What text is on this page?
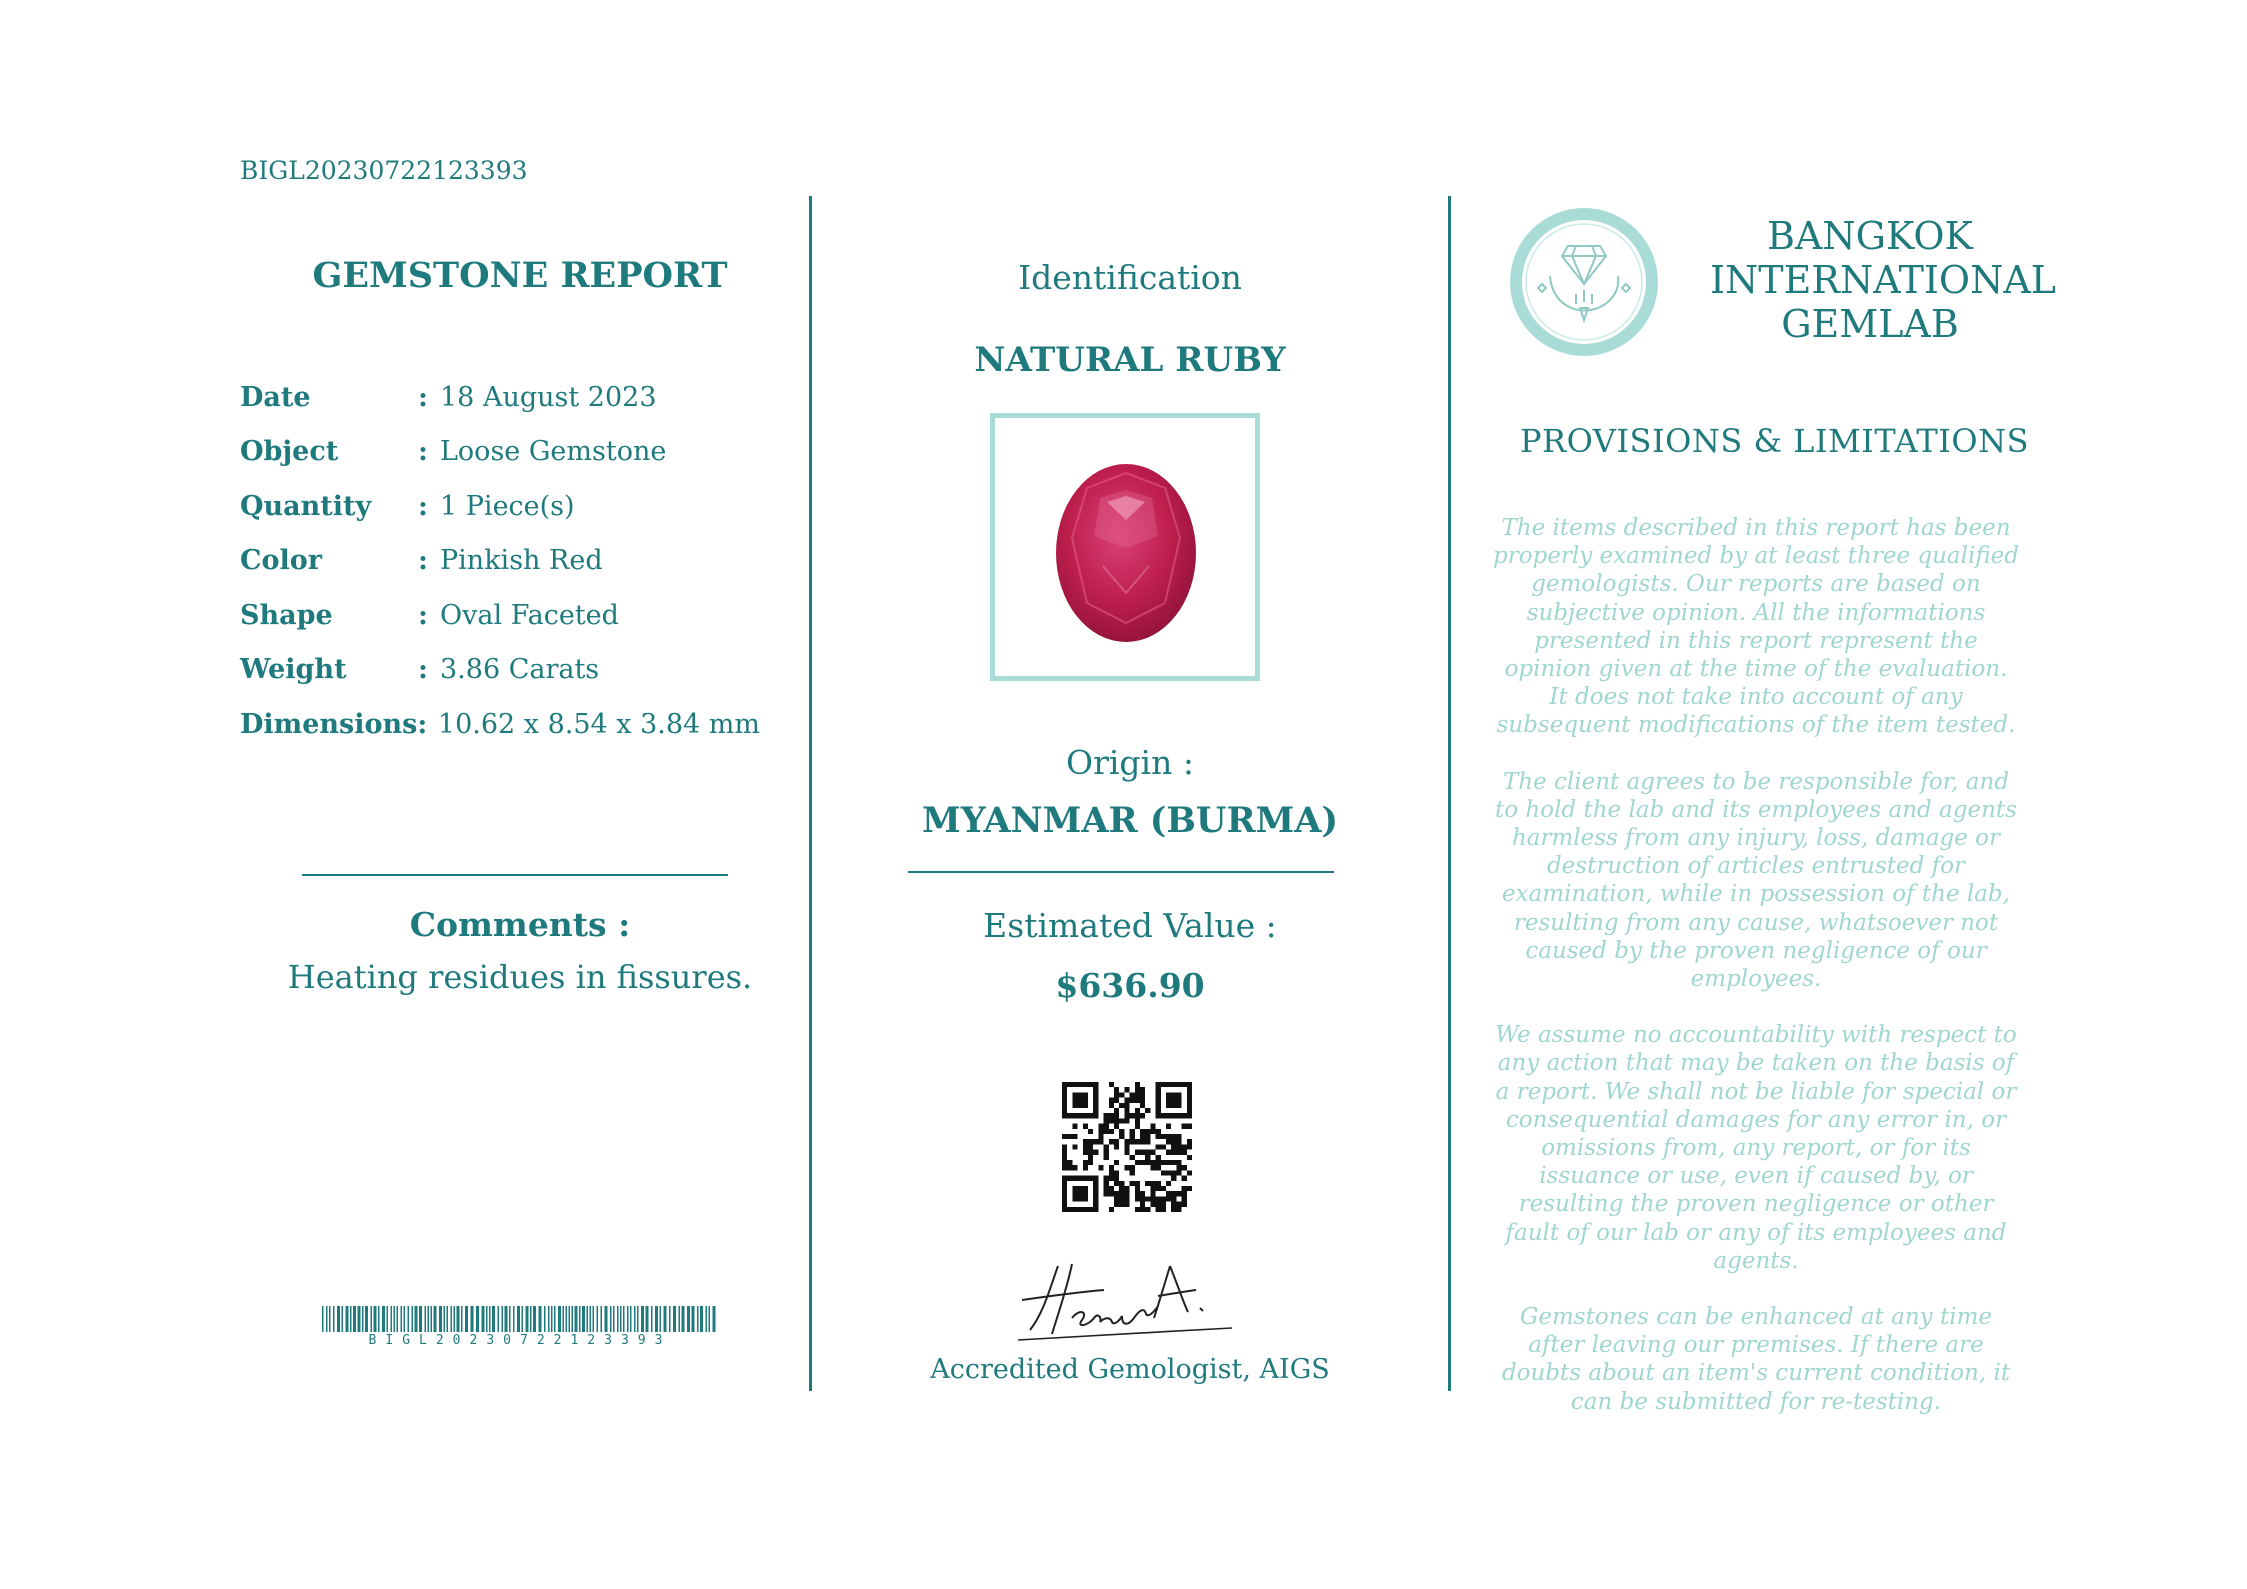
BIGL20230722123393
GEMSTONE REPORT
Date	: 18 August 2023
Object	: Loose Gemstone
Quantity	: 1 Piece(s)
Color	: Pinkish Red
Shape	: Oval Faceted
Weight	: 3.86 Carats
Dimensions : 10.62 x 8.54 x 3.84 mm
Comments :
Heating residues in fissures.
BIGL20230722123393
Identification
NATURAL RUBY
Origin :
MYANMAR (BURMA)
Estimated Value :
$636.90
Accredited Gemologist, AIGS
BANGKOK
INTERNATIONAL
GEMLAB
PROVISIONS & LIMITATIONS

The items described in this report has been properly examined by at least three qualified gemologists. Our reports are based on subjective opinion. All the informations presented in this report represent the opinion given at the time of the evaluation. It does not take into account of any subsequent modifications of the item tested.

The client agrees to be responsible for, and to hold the lab and its employees and agents harmless from any injury, loss, damage or destruction of articles entrusted for examination, while in possession of the lab, resulting from any cause, whatsoever not caused by the proven negligence of our employees.

We assume no accountability with respect to any action that may be taken on the basis of a report. We shall not be liable for special or consequential damages for any error in, or omissions from, any report, or for its issuance or use, even if caused by, or resulting the proven negligence or other fault of our lab or any of its employees and agents.

Gemstones can be enhanced at any time after leaving our premises. If there are doubts about an item's current condition, it can be submitted for re-testing.
